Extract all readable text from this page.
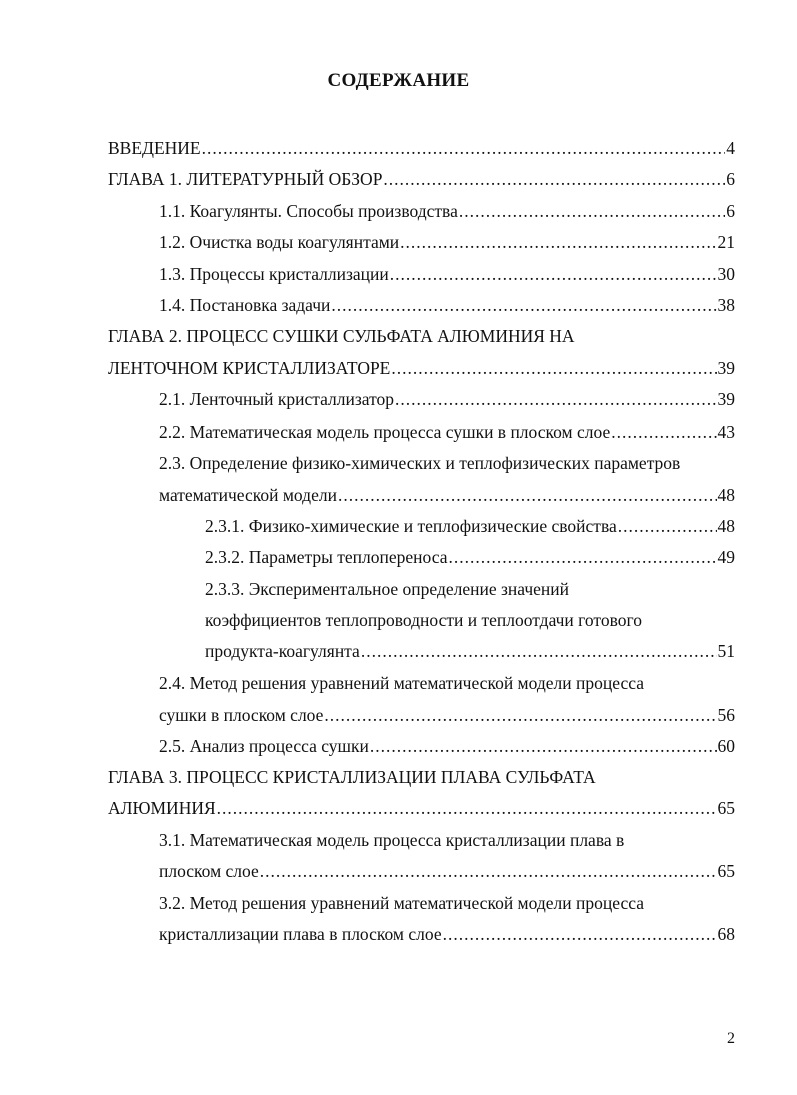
СОДЕРЖАНИЕ
ВВЕДЕНИЕ .....	4
ГЛАВА 1. ЛИТЕРАТУРНЫЙ ОБЗОР .....	6
1.1. Коагулянты. Способы производства .....	6
1.2. Очистка воды коагулянтами .....	21
1.3. Процессы кристаллизации .....	30
1.4. Постановка задачи .....	38
ГЛАВА 2. ПРОЦЕСС СУШКИ СУЛЬФАТА АЛЮМИНИЯ НА
ЛЕНТОЧНОМ КРИСТАЛЛИЗАТОРЕ .....	39
2.1. Ленточный кристаллизатор .....	39
2.2. Математическая модель процесса сушки в плоском слое .....	43
2.3. Определение физико-химических и теплофизических параметров
математической модели .....	48
2.3.1. Физико-химические и теплофизические свойства .....	48
2.3.2. Параметры теплопереноса .....	49
2.3.3. Экспериментальное определение значений
коэффициентов теплопроводности и теплоотдачи готового
продукта-коагулянта .....	51
2.4. Метод решения уравнений математической модели процесса
сушки в плоском слое .....	56
2.5. Анализ процесса сушки .....	60
ГЛАВА 3. ПРОЦЕСС КРИСТАЛЛИЗАЦИИ ПЛАВА СУЛЬФАТА
АЛЮМИНИЯ .....	65
3.1. Математическая модель процесса кристаллизации плава в
плоском слое .....	65
3.2. Метод решения уравнений математической модели процесса
кристаллизации плава в плоском слое .....	68
2
